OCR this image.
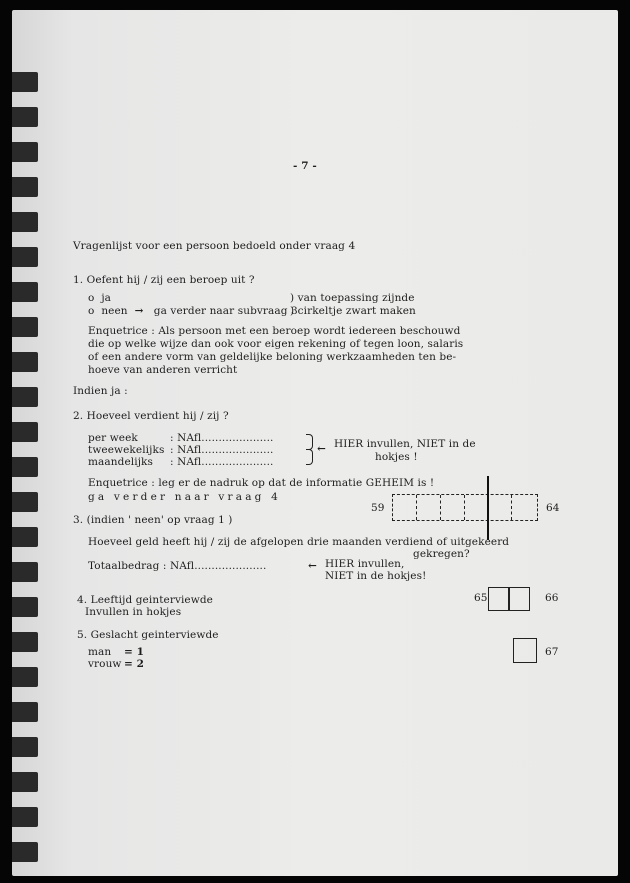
- 7 -
Vragenlijst voor een persoon bedoeld onder vraag 4
1. Oefent hij / zij een beroep uit ?
o ja
o neen → ga verder naar subvraag 3
) van toepassing zijnde
) cirkeltje zwart maken
Enquetrice : Als persoon met een beroep wordt iedereen beschouwd
die op welke wijze dan ook voor eigen rekening of tegen loon, salaris
of een andere vorm van geldelijke beloning werkzaamheden ten be-
hoeve van anderen verricht
Indien ja :
2. Hoeveel verdient hij / zij ?
per week	: NAfl.....................
tweewekelijks : NAfl.....................
maandelijks : NAfl.....................
← HIER invullen, NIET in de
hokjes !
Enquetrice : leg er de nadruk op dat de informatie GEHEIM is !
ga verder naar vraag 4
59	64
3. (indien ' neen' op vraag 1 )
Hoeveel geld heeft hij / zij de afgelopen drie maanden verdiend of uitgekeerd
gekregen?
Totaalbedrag : NAfl.....................	← HIER invullen,
NIET in de hokjes!
4. Leeftijd geinterviewde
Invullen in hokjes
65	66
5. Geslacht geinterviewde
man = 1
vrouw = 2
67
